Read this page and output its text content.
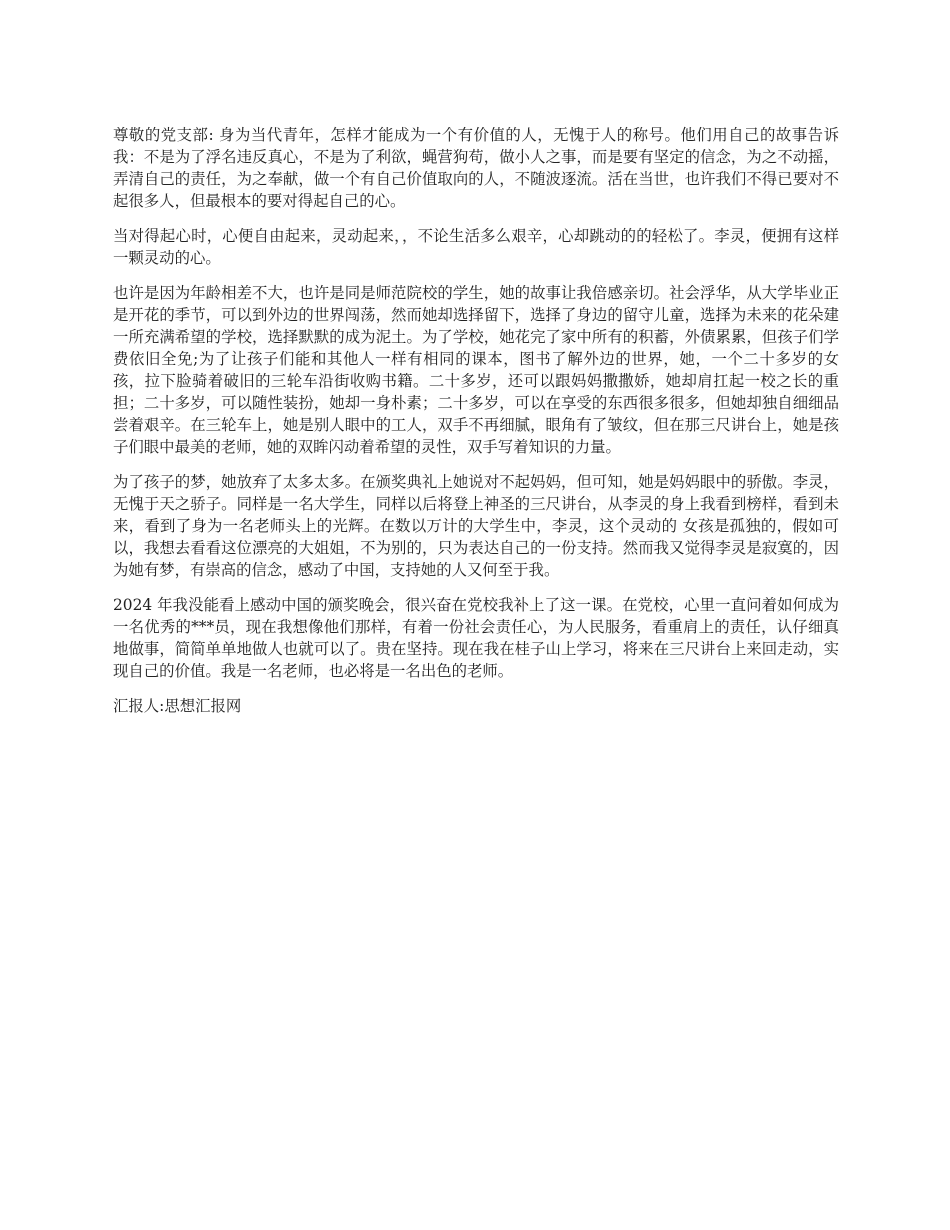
尊敬的党支部: 身为当代青年，怎样才能成为一个有价值的人，无愧于人的称号。他们用自己的故事告诉我：不是为了浮名违反真心，不是为了利欲，蝇营狗苟，做小人之事，而是要有坚定的信念，为之不动摇，弄清自己的责任，为之奉献，做一个有自己价值取向的人，不随波逐流。活在当世，也许我们不得已要对不起很多人，但最根本的要对得起自己的心。

当对得起心时，心便自由起来，灵动起来，，不论生活多么艰辛，心却跳动的的轻松了。李灵，便拥有这样一颗灵动的心。

也许是因为年龄相差不大，也许是同是师范院校的学生，她的故事让我倍感亲切。社会浮华，从大学毕业正是开花的季节，可以到外边的世界闯荡，然而她却选择留下，选择了身边的留守儿童，选择为未来的花朵建一所充满希望的学校，选择默默的成为泥土。为了学校，她花完了家中所有的积蓄，外债累累，但孩子们学费依旧全免;为了让孩子们能和其他人一样有相同的课本，图书了解外边的世界，她，一个二十多岁的女孩，拉下脸骑着破旧的三轮车沿街收购书籍。二十多岁，还可以跟妈妈撒撒娇，她却肩扛起一校之长的重担；二十多岁，可以随性装扮，她却一身朴素；二十多岁，可以在享受的东西很多很多，但她却独自细细品尝着艰辛。在三轮车上，她是别人眼中的工人，双手不再细腻，眼角有了皱纹，但在那三尺讲台上，她是孩子们眼中最美的老师，她的双眸闪动着希望的灵性，双手写着知识的力量。

为了孩子的梦，她放弃了太多太多。在颁奖典礼上她说对不起妈妈，但可知，她是妈妈眼中的骄傲。李灵，无愧于天之骄子。同样是一名大学生，同样以后将登上神圣的三尺讲台，从李灵的身上我看到榜样，看到未来，看到了身为一名老师头上的光辉。在数以万计的大学生中，李灵，这个灵动的 女孩是孤独的，假如可以，我想去看看这位漂亮的大姐姐，不为别的，只为表达自己的一份支持。然而我又觉得李灵是寂寞的，因为她有梦，有崇高的信念，感动了中国，支持她的人又何至于我。

2024 年我没能看上感动中国的颁奖晚会，很兴奋在党校我补上了这一课。在党校，心里一直问着如何成为一名优秀的***员，现在我想像他们那样，有着一份社会责任心，为人民服务，看重肩上的责任，认仔细真地做事，简简单单地做人也就可以了。贵在坚持。现在我在桂子山上学习，将来在三尺讲台上来回走动，实现自己的价值。我是一名老师，也必将是一名出色的老师。

汇报人:思想汇报网
